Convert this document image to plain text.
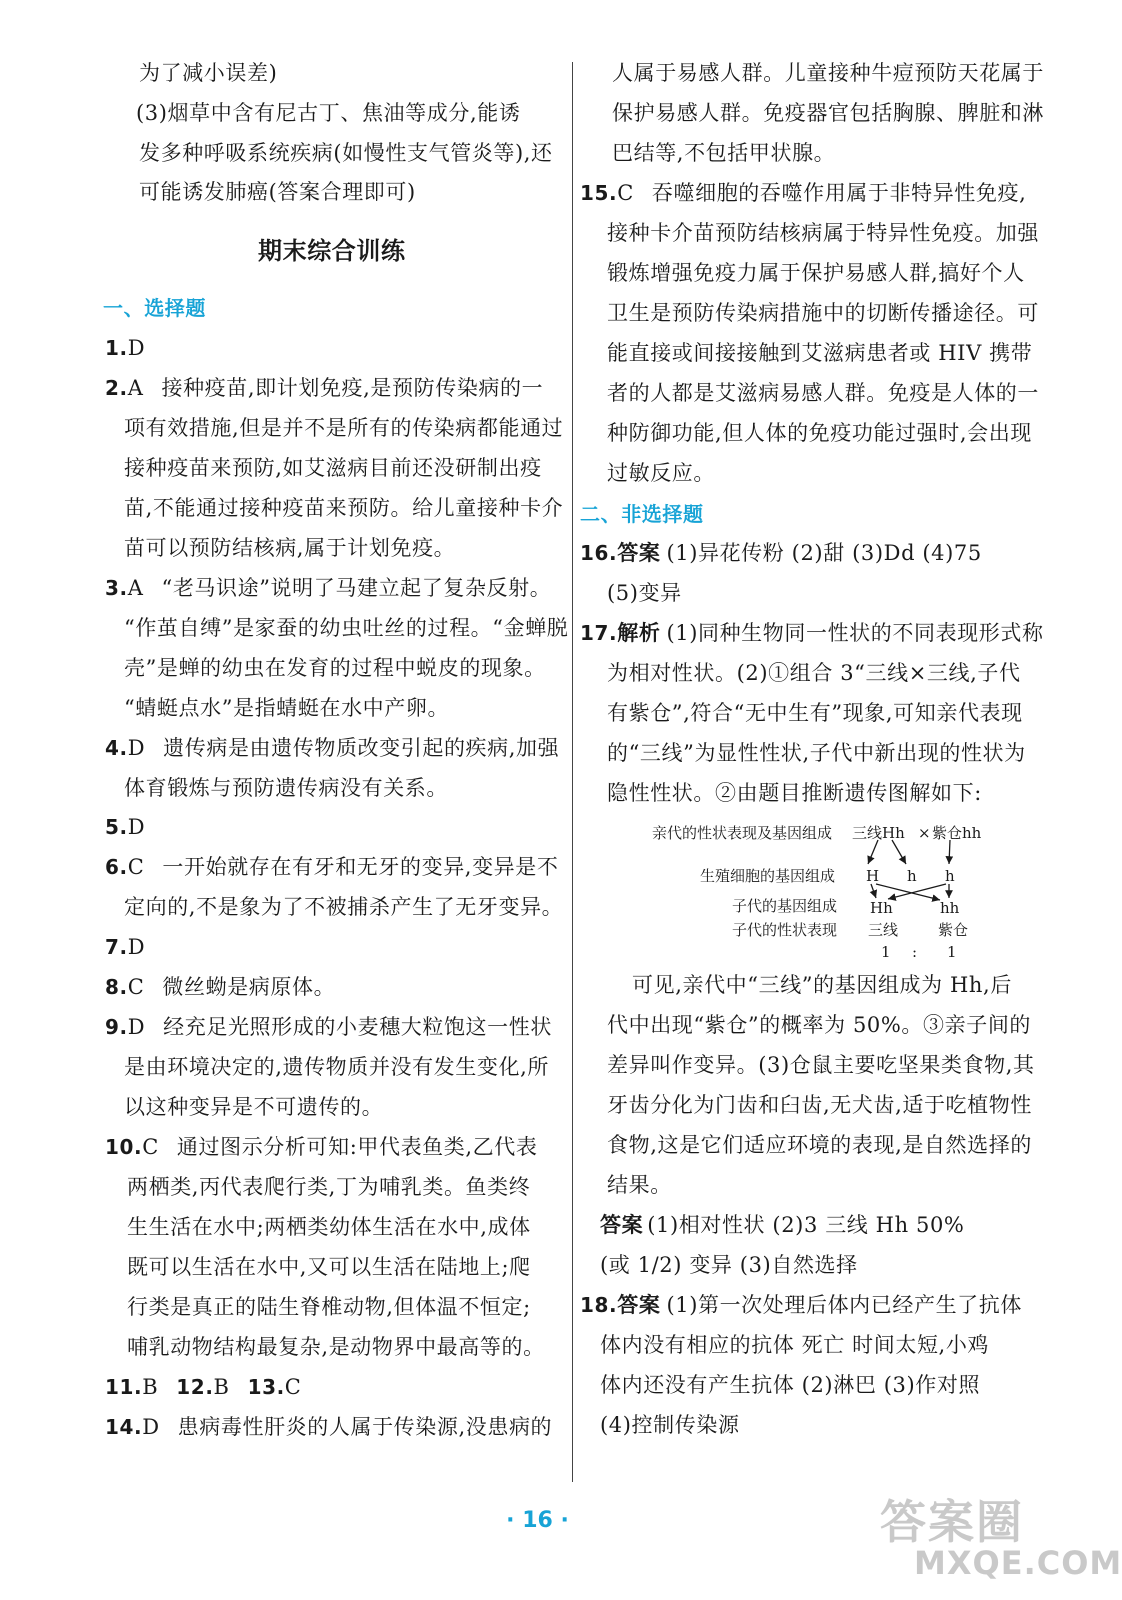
为了减小误差)
(3)烟草中含有尼古丁、焦油等成分,能诱
发多种呼吸系统疾病(如慢性支气管炎等),还
可能诱发肺癌(答案合理即可)
期末综合训练
一、选择题
1.D
2.A 接种疫苗,即计划免疫,是预防传染病的一
项有效措施,但是并不是所有的传染病都能通过
接种疫苗来预防,如艾滋病目前还没研制出疫
苗,不能通过接种疫苗来预防。给儿童接种卡介
苗可以预防结核病,属于计划免疫。
3.A “老马识途”说明了马建立起了复杂反射。
“作茧自缚”是家蚕的幼虫吐丝的过程。“金蝉脱
壳”是蝉的幼虫在发育的过程中蜕皮的现象。
“蜻蜓点水”是指蜻蜓在水中产卵。
4.D 遗传病是由遗传物质改变引起的疾病,加强
体育锻炼与预防遗传病没有关系。
5.D
6.C 一开始就存在有牙和无牙的变异,变异是不
定向的,不是象为了不被捕杀产生了无牙变异。
7.D
8.C 微丝蚴是病原体。
9.D 经充足光照形成的小麦穗大粒饱这一性状
是由环境决定的,遗传物质并没有发生变化,所
以这种变异是不可遗传的。
10.C 通过图示分析可知:甲代表鱼类,乙代表
两栖类,丙代表爬行类,丁为哺乳类。鱼类终
生生活在水中;两栖类幼体生活在水中,成体
既可以生活在水中,又可以生活在陆地上;爬
行类是真正的陆生脊椎动物,但体温不恒定;
哺乳动物结构最复杂,是动物界中最高等的。
11.B 12.B 13.C
14.D 患病毒性肝炎的人属于传染源,没患病的
人属于易感人群。儿童接种牛痘预防天花属于
保护易感人群。免疫器官包括胸腺、脾脏和淋
巴结等,不包括甲状腺。
15.C 吞噬细胞的吞噬作用属于非特异性免疫,
接种卡介苗预防结核病属于特异性免疫。加强
锻炼增强免疫力属于保护易感人群,搞好个人
卫生是预防传染病措施中的切断传播途径。可
能直接或间接接触到艾滋病患者或 HIV 携带
者的人都是艾滋病易感人群。免疫是人体的一
种防御功能,但人体的免疫功能过强时,会出现
过敏反应。
二、非选择题
16.答案 (1)异花传粉 (2)甜 (3)Dd (4)75
(5)变异
17.解析 (1)同种生物同一性状的不同表现形式称
为相对性状。(2)①组合 3“三线×三线,子代
有紫仓”,符合“无中生有”现象,可知亲代表现
的“三线”为显性性状,子代中新出现的性状为
隐性性状。②由题目推断遗传图解如下:
亲代的性状表现及基因组成 三线Hh × 紫仓hh
生殖细胞的基因组成 H h h
子代的基因组成 Hh	hh
子代的性状表现 三线	紫仓
1 : 1
可见,亲代中“三线”的基因组成为 Hh,后
代中出现“紫仓”的概率为 50%。③亲子间的
差异叫作变异。(3)仓鼠主要吃坚果类食物,其
牙齿分化为门齿和臼齿,无犬齿,适于吃植物性
食物,这是它们适应环境的表现,是自然选择的
结果。
答案 (1)相对性状 (2)3 三线 Hh 50%
(或 1/2) 变异 (3)自然选择
18.答案 (1)第一次处理后体内已经产生了抗体
体内没有相应的抗体 死亡 时间太短,小鸡
体内还没有产生抗体 (2)淋巴 (3)作对照
(4)控制传染源
· 16 ·	答案圈
MXQE.COM
